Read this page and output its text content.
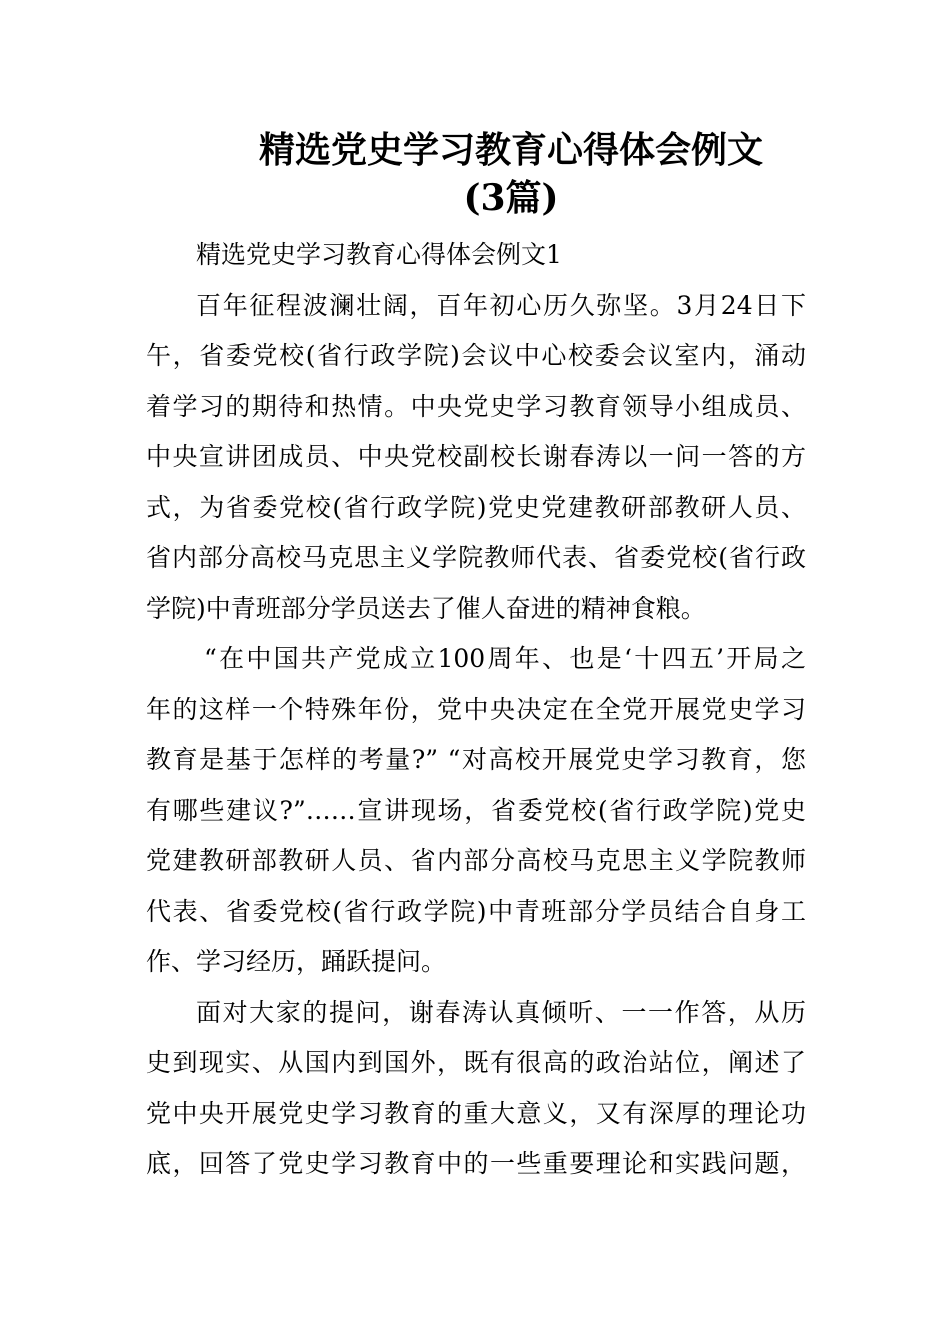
精选党史学习教育心得体会例文
(3篇)
精选党史学习教育心得体会例文1
百年征程波澜壮阔，百年初心历久弥坚。3月24日下
午，省委党校(省行政学院)会议中心校委会议室内，涌动
着学习的期待和热情。中央党史学习教育领导小组成员、
中央宣讲团成员、中央党校副校长谢春涛以一问一答的方
式，为省委党校(省行政学院)党史党建教研部教研人员、
省内部分高校马克思主义学院教师代表、省委党校(省行政
学院)中青班部分学员送去了催人奋进的精神食粮。
“在中国共产党成立100周年、也是‘十四五’开局之
年的这样一个特殊年份，党中央决定在全党开展党史学习
教育是基于怎样的考量?” “对高校开展党史学习教育，您
有哪些建议?”……宣讲现场，省委党校(省行政学院)党史
党建教研部教研人员、省内部分高校马克思主义学院教师
代表、省委党校(省行政学院)中青班部分学员结合自身工
作、学习经历，踊跃提问。
面对大家的提问，谢春涛认真倾听、一一作答，从历
史到现实、从国内到国外，既有很高的政治站位，阐述了
党中央开展党史学习教育的重大意义，又有深厚的理论功
底，回答了党史学习教育中的一些重要理论和实践问题，
